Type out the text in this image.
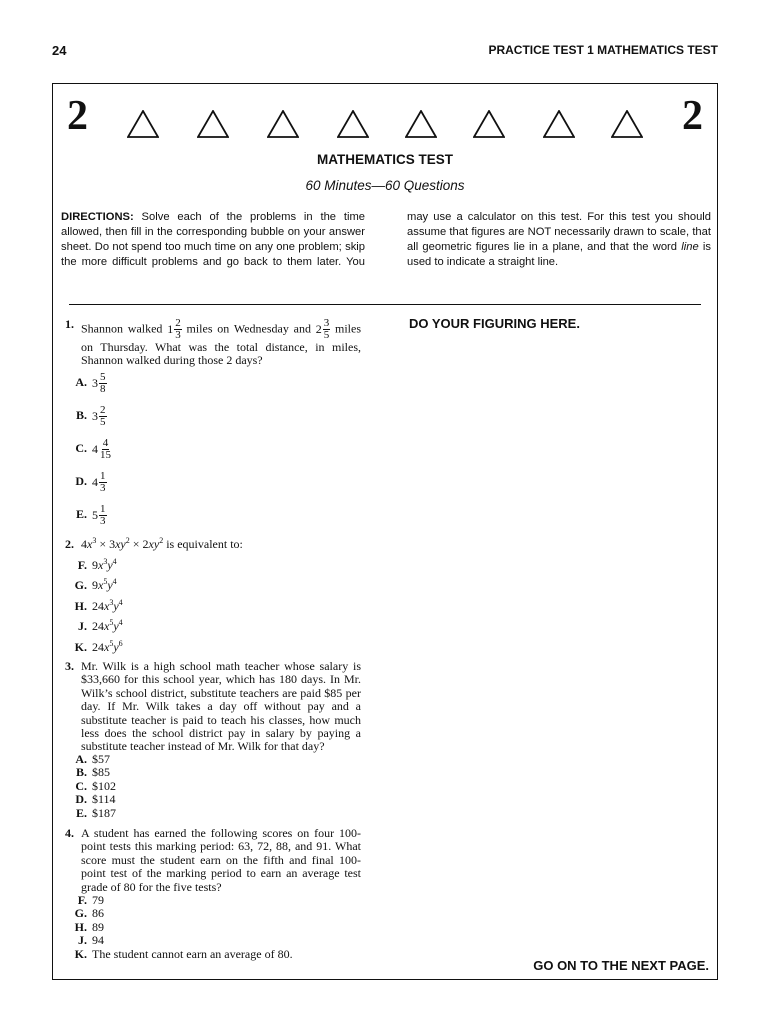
24	PRACTICE TEST 1 MATHEMATICS TEST
2	2
MATHEMATICS TEST
60 Minutes—60 Questions
DIRECTIONS: Solve each of the problems in the time allowed, then fill in the corresponding bubble on your answer sheet. Do not spend too much time on any one problem; skip the more difficult problems and go back to them later. You may use a calculator on this test. For this test you should assume that figures are NOT necessarily drawn to scale, that all geometric figures lie in a plane, and that the word line is used to indicate a straight line.
DO YOUR FIGURING HERE.
1. Shannon walked $1 \frac{2}{3}$ miles on Wednesday and $2 \frac{3}{5}$ miles on Thursday. What was the total distance, in miles, Shannon walked during those 2 days?
A. $3 \frac{5}{8}$
B. $3 \frac{2}{5}$
C. $4 \frac{4}{15}$
D. $4 \frac{1}{3}$
E. $5 \frac{1}{3}$
2. $4x^3 \times 3xy^2 \times 2xy^2$ is equivalent to:
F. $9x^3y^4$
G. $9x^5y^4$
H. $24x^3y^4$
J. $24x^5y^4$
K. $24x^5y^6$
3. Mr. Wilk is a high school math teacher whose salary is $33,660 for this school year, which has 180 days. In Mr. Wilk’s school district, substitute teachers are paid $85 per day. If Mr. Wilk takes a day off without pay and a substitute teacher is paid to teach his classes, how much less does the school district pay in salary by paying a substitute teacher instead of Mr. Wilk for that day?
A. $57
B. $85
C. $102
D. $114
E. $187
4. A student has earned the following scores on four 100-point tests this marking period: 63, 72, 88, and 91. What score must the student earn on the fifth and final 100-point test of the marking period to earn an average test grade of 80 for the five tests?
F. 79
G. 86
H. 89
J. 94
K. The student cannot earn an average of 80.
GO ON TO THE NEXT PAGE.
